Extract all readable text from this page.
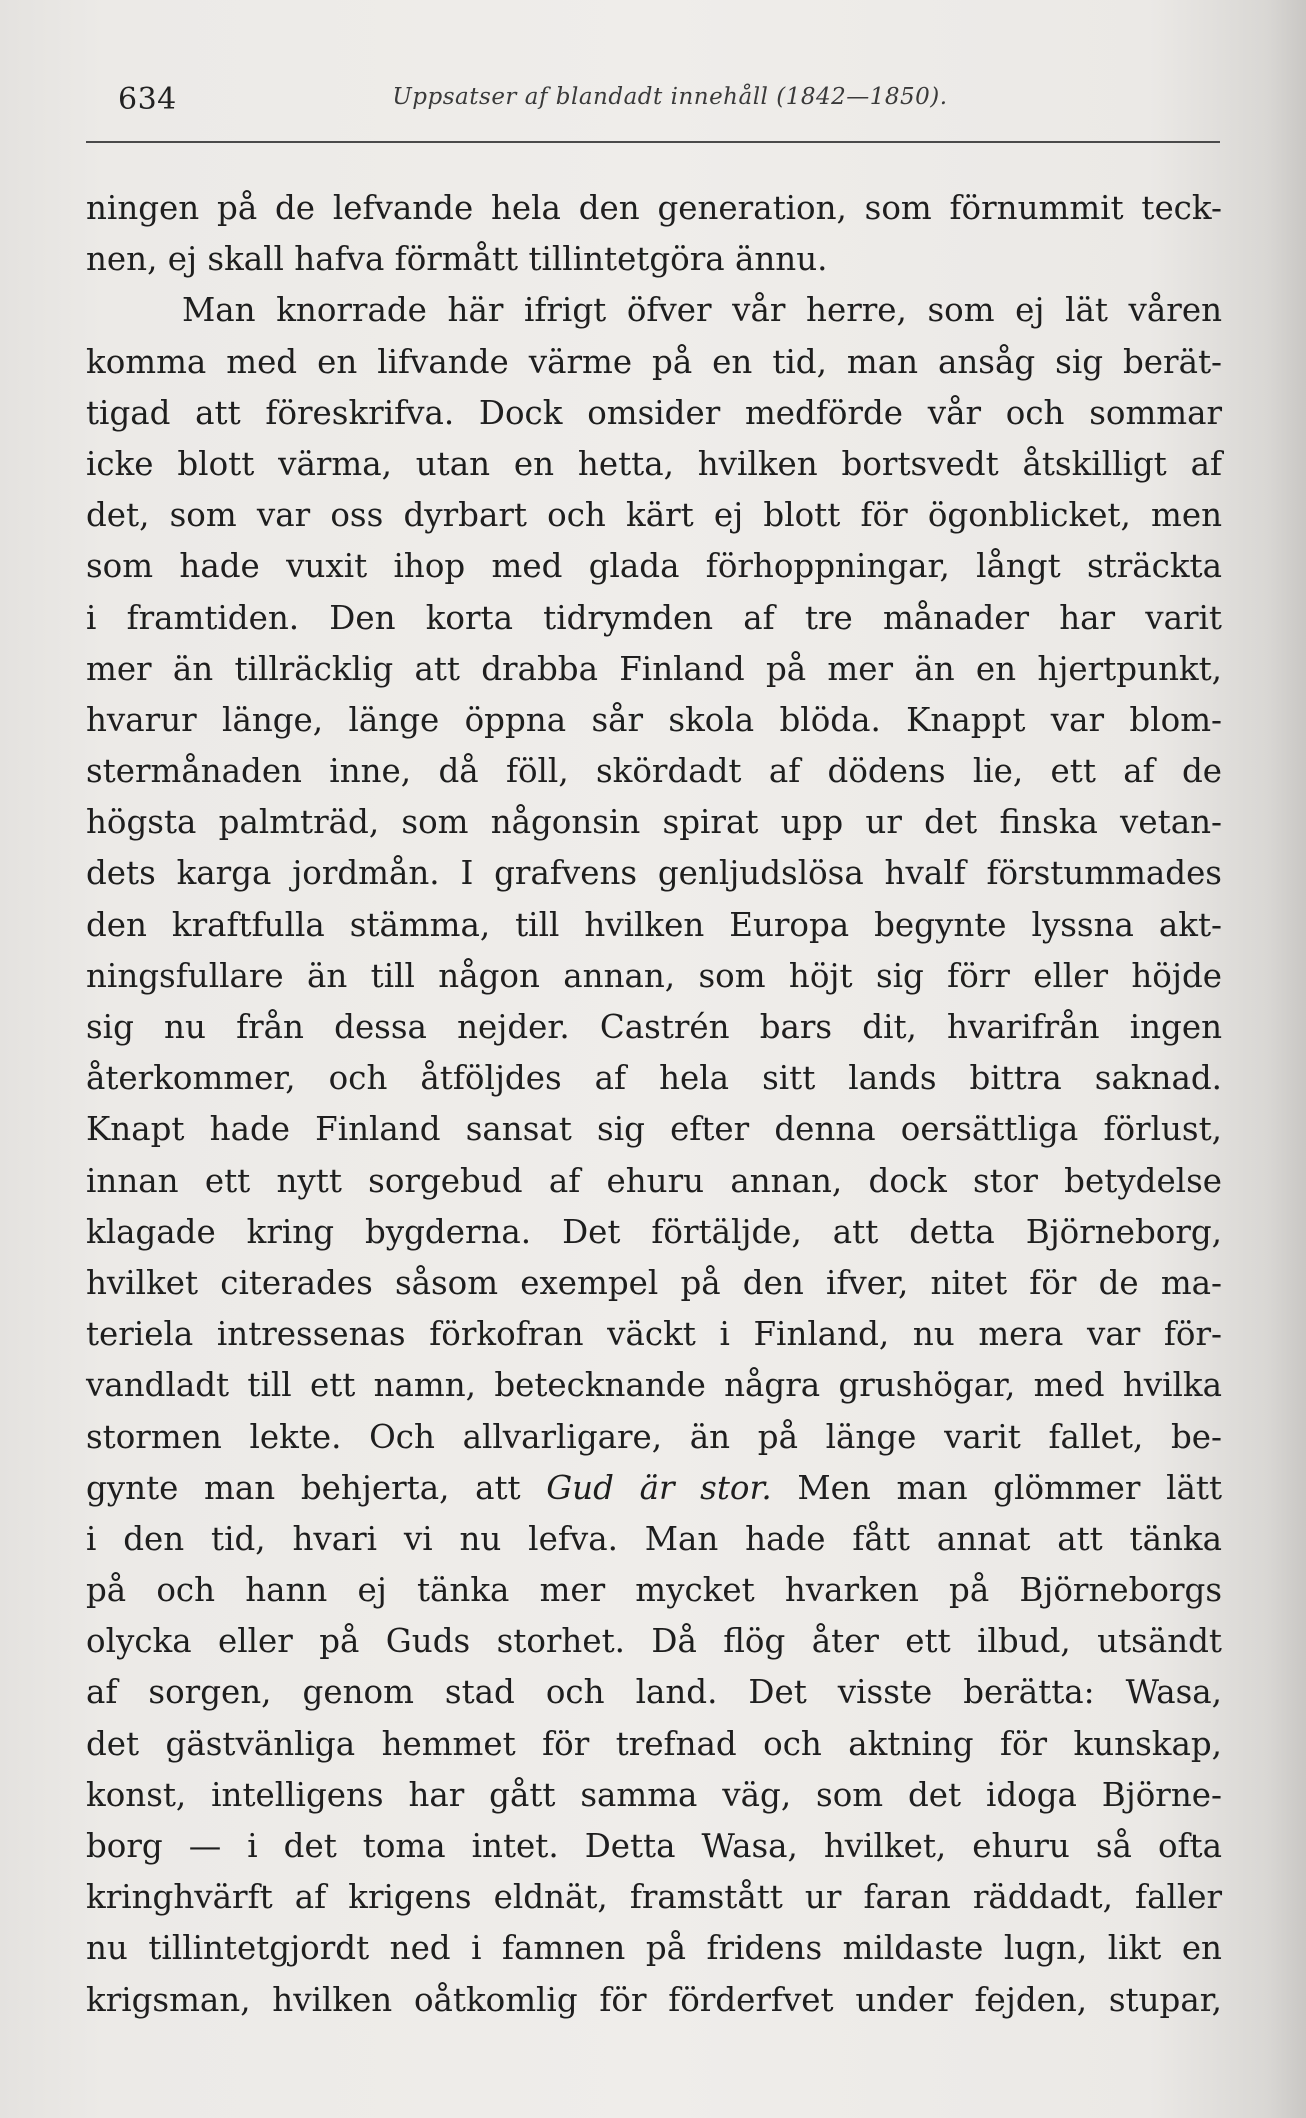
634	Uppsatser af blandadt innehåll (1842—1850).
ningen på de lefvande hela den generation, som förnummit teck-
nen, ej skall hafva förmått tillintetgöra ännu.
Man knorrade här ifrigt öfver vår herre, som ej lät våren
komma med en lifvande värme på en tid, man ansåg sig berät-
tigad att föreskrifva. Dock omsider medförde vår och sommar
icke blott värma, utan en hetta, hvilken bortsvedt åtskilligt af
det, som var oss dyrbart och kärt ej blott för ögonblicket, men
som hade vuxit ihop med glada förhoppningar, långt sträckta
i framtiden. Den korta tidrymden af tre månader har varit
mer än tillräcklig att drabba Finland på mer än en hjertpunkt,
hvarur länge, länge öppna sår skola blöda. Knappt var blom-
stermånaden inne, då föll, skördadt af dödens lie, ett af de
högsta palmträd, som någonsin spirat upp ur det finska vetan-
dets karga jordmån. I grafvens genljudslösa hvalf förstummades
den kraftfulla stämma, till hvilken Europa begynte lyssna akt-
ningsfullare än till någon annan, som höjt sig förr eller höjde
sig nu från dessa nejder. Castrén bars dit, hvarifrån ingen
återkommer, och åtföljdes af hela sitt lands bittra saknad.
Knapt hade Finland sansat sig efter denna oersättliga förlust,
innan ett nytt sorgebud af ehuru annan, dock stor betydelse
klagade kring bygderna. Det förtäljde, att detta Björneborg,
hvilket citerades såsom exempel på den ifver, nitet för de ma-
teriela intressenas förkofran väckt i Finland, nu mera var för-
vandladt till ett namn, betecknande några grushögar, med hvilka
stormen lekte. Och allvarligare, än på länge varit fallet, be-
gynte man behjerta, att Gud är stor. Men man glömmer lätt
i den tid, hvari vi nu lefva. Man hade fått annat att tänka
på och hann ej tänka mer mycket hvarken på Björneborgs
olycka eller på Guds storhet. Då flög åter ett ilbud, utsändt
af sorgen, genom stad och land. Det visste berätta: Wasa,
det gästvänliga hemmet för trefnad och aktning för kunskap,
konst, intelligens har gått samma väg, som det idoga Björne-
borg — i det toma intet. Detta Wasa, hvilket, ehuru så ofta
kringhvärft af krigens eldnät, framstått ur faran räddadt, faller
nu tillintetgjordt ned i famnen på fridens mildaste lugn, likt en
krigsman, hvilken oåtkomlig för förderfvet under fejden, stupar,
